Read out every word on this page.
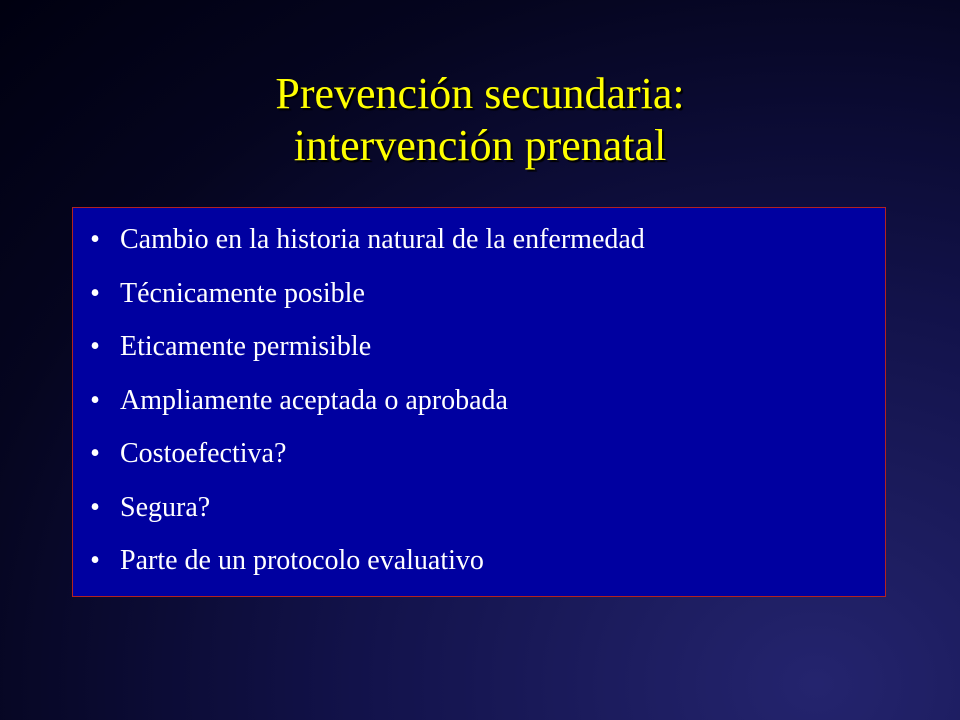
Prevención secundaria:
intervención prenatal
• Cambio en la historia natural de la enfermedad
• Técnicamente posible
• Eticamente permisible
• Ampliamente aceptada o aprobada
• Costoefectiva?
• Segura?
• Parte de un protocolo evaluativo
